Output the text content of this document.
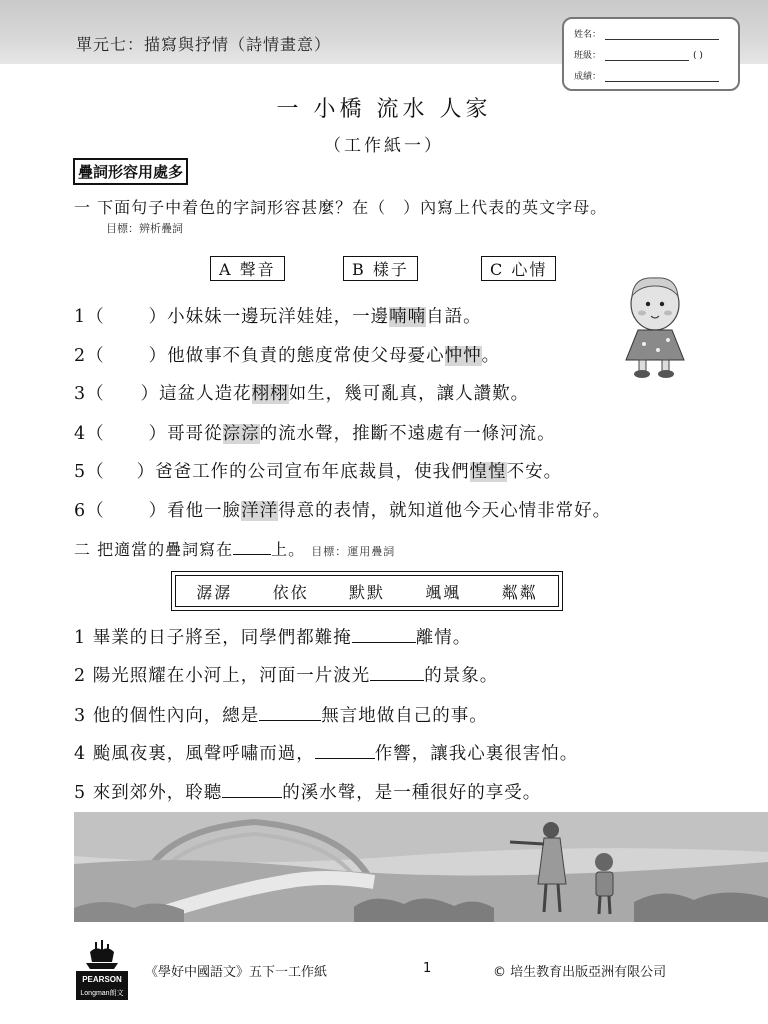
單元七：描寫與抒情（詩情畫意）	姓名：
班級：	( )
成績：
一 小橋 流水 人家
（工作紙一）
疊詞形容用處多
一 下面句子中着色的字詞形容甚麼？在（　）內寫上代表的英文字母。
目標：辨析疊詞
A 聲音	B 樣子	C 心情
1（	）小妹妹一邊玩洋娃娃，一邊喃喃自語。
2（	）他做事不負責的態度常使父母憂心忡忡。
3（ ）這盆人造花栩栩如生，幾可亂真，讓人讚歎。
4（	）哥哥從淙淙的流水聲，推斷不遠處有一條河流。
5（ ）爸爸工作的公司宣布年底裁員，使我們惶惶不安。
6（	）看他一臉洋洋得意的表情，就知道他今天心情非常好。
二 把適當的疊詞寫在 上。 目標：運用疊詞
潺潺	依依	默默	颯颯	粼粼
1 畢業的日子將至，同學們都難掩	離情。
2 陽光照耀在小河上，河面一片波光	的景象。
3 他的個性內向，總是	無言地做自己的事。
4 颱風夜裏，風聲呼嘯而過，	作響，讓我心裏很害怕。
5 來到郊外，聆聽	的溪水聲，是一種很好的享受。
PEARSON
Longman朗文
《學好中國語文》五下一工作紙	1	© 培生教育出版亞洲有限公司
